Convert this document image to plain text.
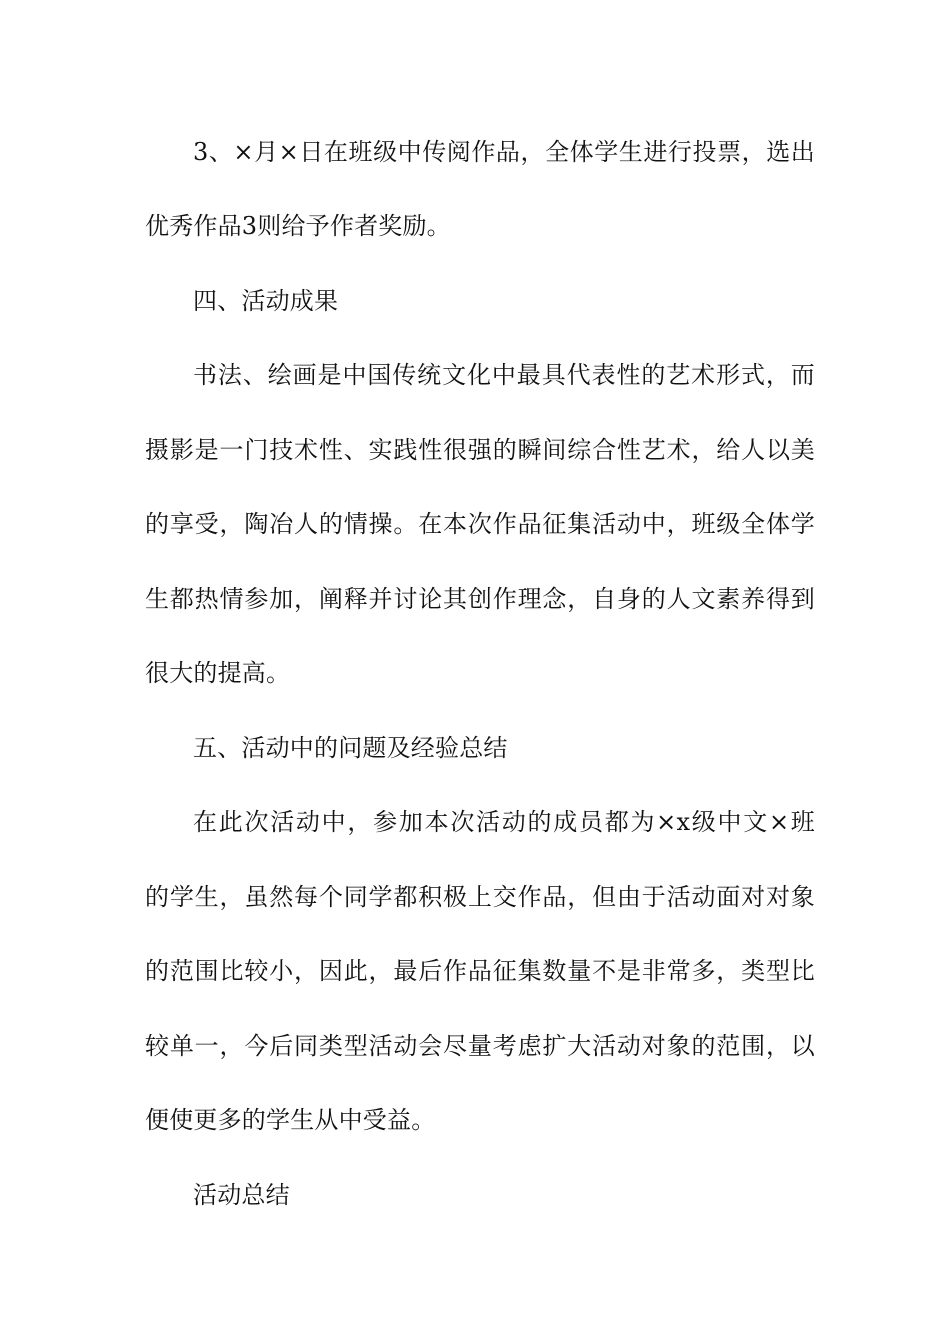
3、×月×日在班级中传阅作品，全体学生进行投票，选出
优秀作品3则给予作者奖励。
四、活动成果
书法、绘画是中国传统文化中最具代表性的艺术形式，而
摄影是一门技术性、实践性很强的瞬间综合性艺术，给人以美
的享受，陶冶人的情操。在本次作品征集活动中，班级全体学
生都热情参加，阐释并讨论其创作理念，自身的人文素养得到
很大的提高。
五、活动中的问题及经验总结
在此次活动中，参加本次活动的成员都为×x级中文×班
的学生，虽然每个同学都积极上交作品，但由于活动面对对象
的范围比较小，因此，最后作品征集数量不是非常多，类型比
较单一，今后同类型活动会尽量考虑扩大活动对象的范围，以
便使更多的学生从中受益。
活动总结
